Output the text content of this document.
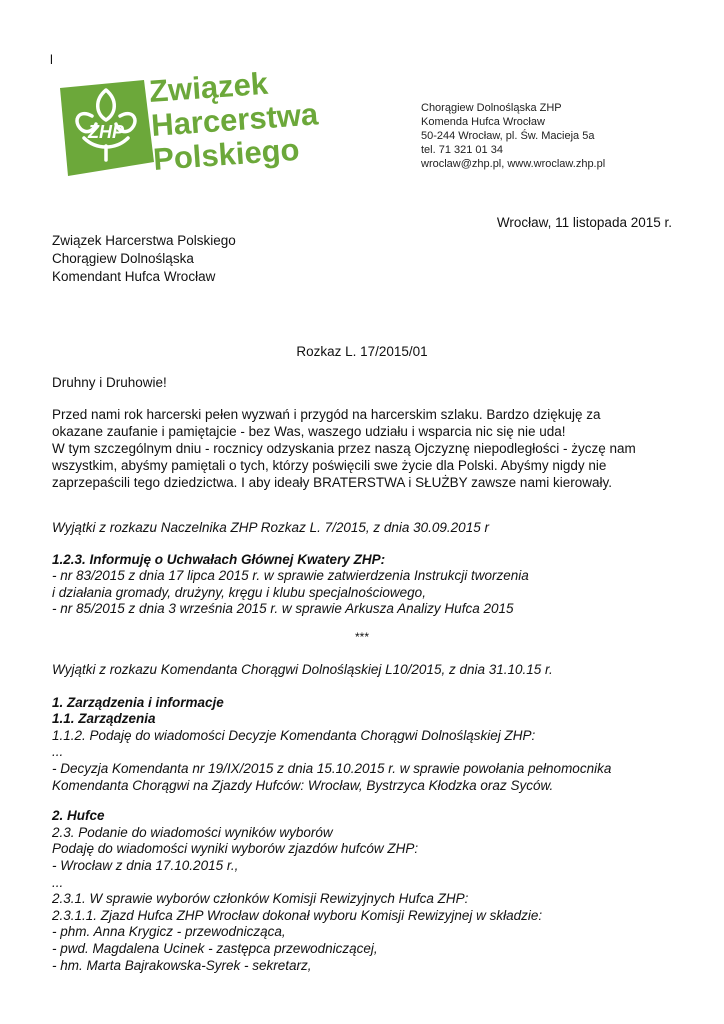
l
ZHP
Związek
Harcerstwa
Polskiego
Chorągiew Dolnośląska ZHP
Komenda Hufca Wrocław
50-244 Wrocław, pl. Św. Macieja 5a
tel. 71 321 01 34
wroclaw@zhp.pl, www.wroclaw.zhp.pl
Wrocław, 11 listopada 2015 r.
Związek Harcerstwa Polskiego
Chorągiew Dolnośląska
Komendant Hufca Wrocław
Rozkaz L. 17/2015/01
Druhny i Druhowie!
Przed nami rok harcerski pełen wyzwań i przygód na harcerskim szlaku. Bardzo dziękuję za
okazane zaufanie i pamiętajcie - bez Was, waszego udziału i wsparcia nic się nie uda!
W tym szczególnym dniu - rocznicy odzyskania przez naszą Ojczyznę niepodległości - życzę nam
wszystkim, abyśmy pamiętali o tych, którzy poświęcili swe życie dla Polski. Abyśmy nigdy nie
zaprzepaścili tego dziedzictwa. I aby ideały BRATERSTWA i SŁUŻBY zawsze nami kierowały.
Wyjątki z rozkazu Naczelnika ZHP Rozkaz L. 7/2015, z dnia 30.09.2015 r
1.2.3. Informuję o Uchwałach Głównej Kwatery ZHP:
- nr 83/2015 z dnia 17 lipca 2015 r. w sprawie zatwierdzenia Instrukcji tworzenia
i działania gromady, drużyny, kręgu i klubu specjalnościowego,
- nr 85/2015 z dnia 3 września 2015 r. w sprawie Arkusza Analizy Hufca 2015
***
Wyjątki z rozkazu Komendanta Chorągwi Dolnośląskiej L10/2015, z dnia 31.10.15 r.
1. Zarządzenia i informacje
1.1. Zarządzenia
1.1.2. Podaję do wiadomości Decyzje Komendanta Chorągwi Dolnośląskiej ZHP:
...
- Decyzja Komendanta nr 19/IX/2015 z dnia 15.10.2015 r. w sprawie powołania pełnomocnika
Komendanta Chorągwi na Zjazdy Hufców: Wrocław, Bystrzyca Kłodzka oraz Syców.
2. Hufce
2.3. Podanie do wiadomości wyników wyborów
Podaję do wiadomości wyniki wyborów zjazdów hufców ZHP:
- Wrocław z dnia 17.10.2015 r.,
...
2.3.1. W sprawie wyborów członków Komisji Rewizyjnych Hufca ZHP:
2.3.1.1. Zjazd Hufca ZHP Wrocław dokonał wyboru Komisji Rewizyjnej w składzie:
- phm. Anna Krygicz - przewodnicząca,
- pwd. Magdalena Ucinek - zastępca przewodniczącej,
- hm. Marta Bajrakowska-Syrek - sekretarz,
